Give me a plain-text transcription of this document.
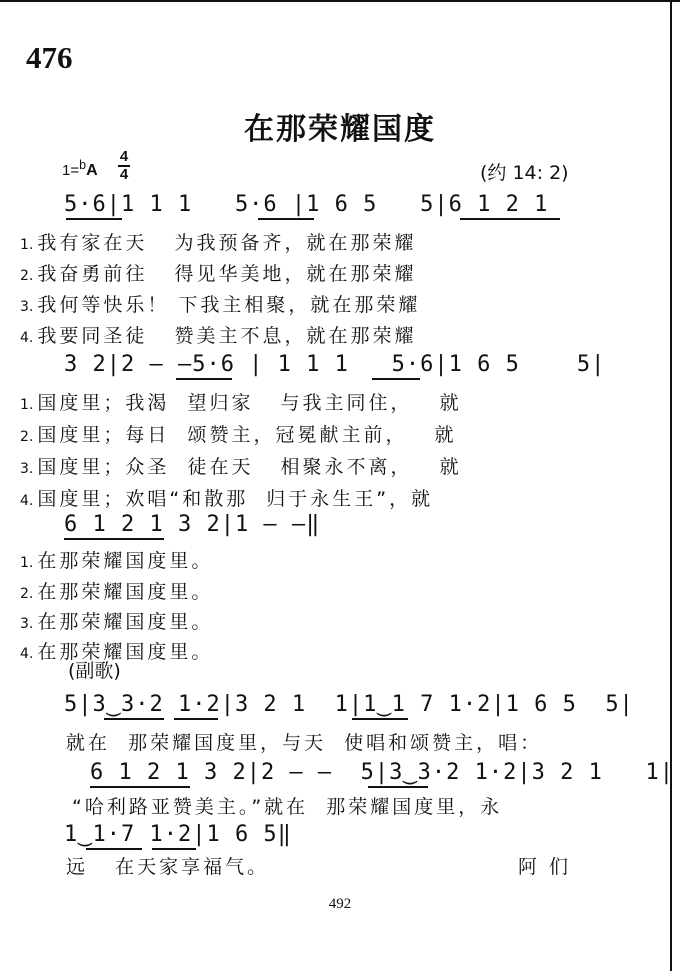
476
在那荣耀国度
1=$^b$A
4
4	(约 14: 2)
5·6|1 1 1   5·6 |1 6 5   5|6 1 2 1
1. 我有家在天   为我预备齐，就在那荣耀
2. 我奋勇前往   得见华美地，就在那荣耀
3. 我何等快乐！ 下我主相聚，就在那荣耀
4. 我要同圣徒   赞美主不息，就在那荣耀
3 2|2 – –5·6 | 1 1 1   5·6|1 6 5    5|
1. 国度里；我渴  望归家   与我主同住，   就
2. 国度里；每日  颂赞主，冠冕献主前，   就
3. 国度里；众圣  徒在天   相聚永不离，   就
4. 国度里；欢唱“和散那  归于永生王”，就
6 1 2 1 3 2|1 – –‖
1. 在那荣耀国度里。
2. 在那荣耀国度里。
3. 在那荣耀国度里。
4. 在那荣耀国度里。
(副歌)
5|3‿3·2 1·2|3 2 1  1|1‿1 7 1·2|1 6 5  5|
就在  那荣耀国度里，与天  使唱和颂赞主，唱：
6 1 2 1 3 2|2 – –  5|3‿3·2 1·2|3 2 1   1|
“哈利路亚赞美主。”就在  那荣耀国度里，永
1‿1·7 1·2|1 6 5‖
远   在天家享福气。	阿们
492
